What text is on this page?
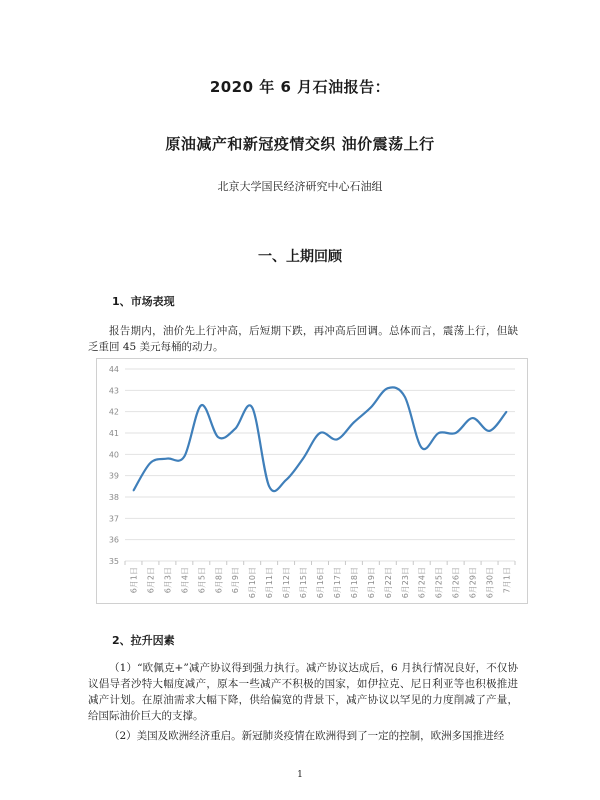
2020 年 6 月石油报告：
原油减产和新冠疫情交织 油价震荡上行
北京大学国民经济研究中心石油组
一、上期回顾
1、市场表现
报告期内，油价先上行冲高，后短期下跌，再冲高后回调。总体而言，震荡上行，但缺乏重回 45 美元每桶的动力。
35
36
37
38
39
40
41
42
43
44
6月1日 6月2日 6月3日 6月4日 6月5日 6月8日 6月9日 6月10日 6月11日 6月12日 6月15日 6月16日 6月17日 6月18日 6月19日 6月22日 6月23日 6月24日 6月25日 6月26日 6月29日 6月30日 7月1日
2、拉升因素
（1）“欧佩克+”减产协议得到强力执行。减产协议达成后，6 月执行情况良好，不仅协议倡导者沙特大幅度减产，原本一些减产不积极的国家，如伊拉克、尼日利亚等也积极推进减产计划。在原油需求大幅下降，供给偏宽的背景下，减产协议以罕见的力度削减了产量，给国际油价巨大的支撑。
（2）美国及欧洲经济重启。新冠肺炎疫情在欧洲得到了一定的控制，欧洲多国推进经
1
